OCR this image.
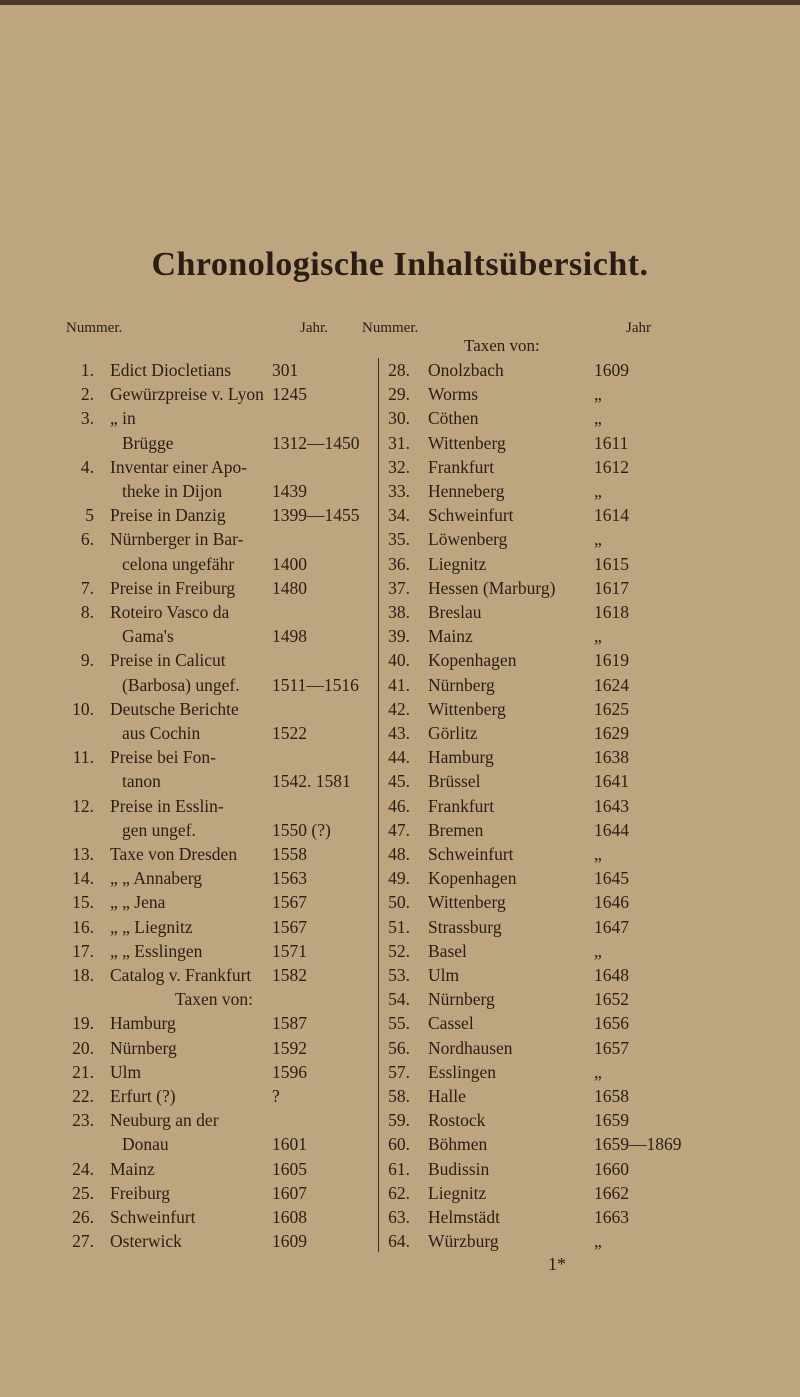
Chronologische Inhaltsübersicht.
Nummer.	Jahr. Nummer.	Jahr
Taxen von:
1. Edict Diocletians 301
2. Gewürzpreise v. Lyon 1245
3. „ in
Brügge	1312—1450
4. Inventar einer Apo-
theke in Dijon	1439
5 Preise in Danzig	1399—1455
6. Nürnberger in Bar-
celona ungefähr 1400
7. Preise in Freiburg 1480
8. Roteiro Vasco da
Gama's	1498
9. Preise in Calicut
(Barbosa) ungef. 1511—1516
10. Deutsche Berichte
aus Cochin	1522
11. Preise bei Fon-
tanon	1542. 1581
12. Preise in Esslin-
gen ungef.	1550 (?)
13. Taxe von Dresden 1558
14. „ „ Annaberg	1563
15. „ „ Jena	1567
16. „ „ Liegnitz	1567
17. „ „ Esslingen	1571
18. Catalog v. Frankfurt 1582
Taxen von:
19. Hamburg	1587
20. Nürnberg	1592
21. Ulm	1596
22. Erfurt (?)	?
23. Neuburg an der
Donau	1601
24. Mainz	1605
25. Freiburg	1607
26. Schweinfurt	1608
27. Osterwick	1609
28. Onolzbach	1609
29. Worms	„
30. Cöthen	„
31. Wittenberg	1611
32. Frankfurt	1612
33. Henneberg	„
34. Schweinfurt	1614
35. Löwenberg	„
36. Liegnitz	1615
37. Hessen (Marburg) 1617
38. Breslau	1618
39. Mainz	„
40. Kopenhagen	1619
41. Nürnberg	1624
42. Wittenberg	1625
43. Görlitz	1629
44. Hamburg	1638
45. Brüssel	1641
46. Frankfurt	1643
47. Bremen	1644
48. Schweinfurt	„
49. Kopenhagen	1645
50. Wittenberg	1646
51. Strassburg	1647
52. Basel	„
53. Ulm	1648
54. Nürnberg	1652
55. Cassel	1656
56. Nordhausen	1657
57. Esslingen	„
58. Halle	1658
59. Rostock	1659
60. Böhmen	1659—1869
61. Budissin	1660
62. Liegnitz	1662
63. Helmstädt	1663
64. Würzburg	„
1*
